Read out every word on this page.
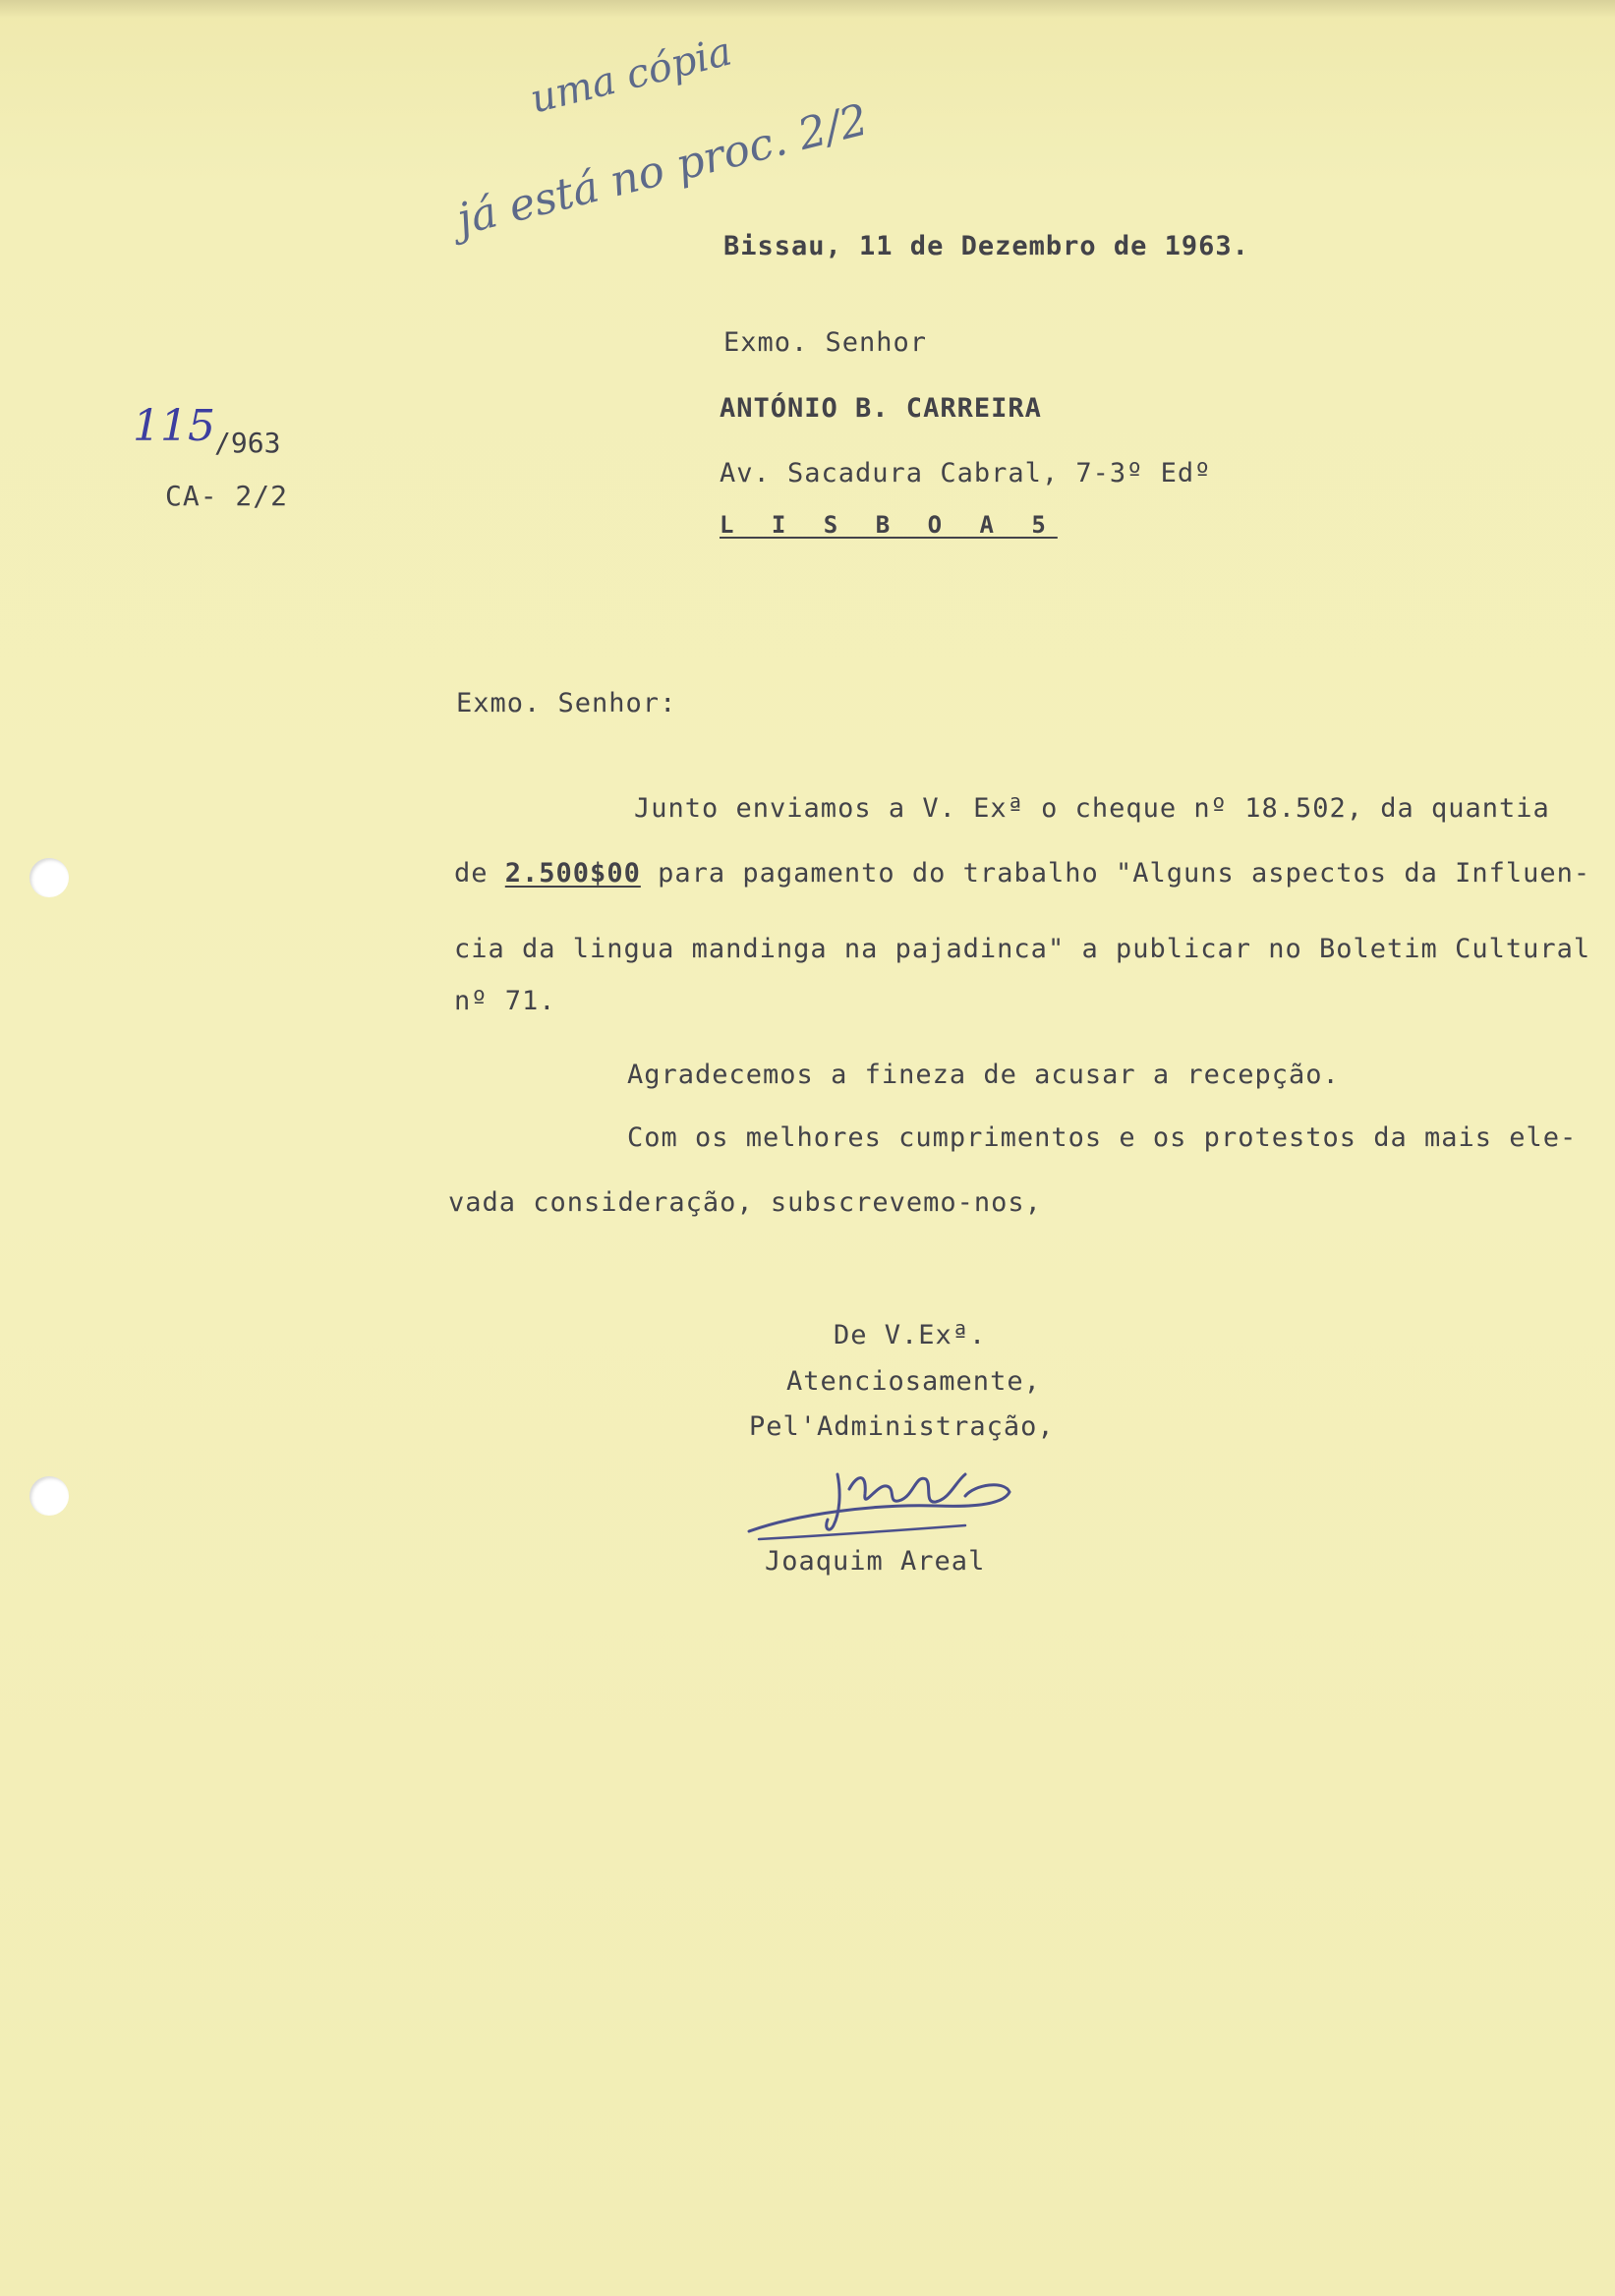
uma cópia
já está no proc. 2/2
115 /963
CA- 2/2
Bissau, 11 de Dezembro de 1963.
Exmo. Senhor
ANTÓNIO B. CARREIRA
Av. Sacadura Cabral, 7-3º Edº
L I S B O A 5
Exmo. Senhor:
Junto enviamos a V. Exª o cheque nº 18.502, da quantia
de 2.500$00 para pagamento do trabalho "Alguns aspectos da Influen-
cia da lingua mandinga na pajadinca" a publicar no Boletim Cultural
nº 71.
Agradecemos a fineza de acusar a recepção.
Com os melhores cumprimentos e os protestos da mais ele-
vada consideração, subscrevemo-nos,
De V.Exª.
Atenciosamente,
Pel'Administração,
Joaquim Areal
